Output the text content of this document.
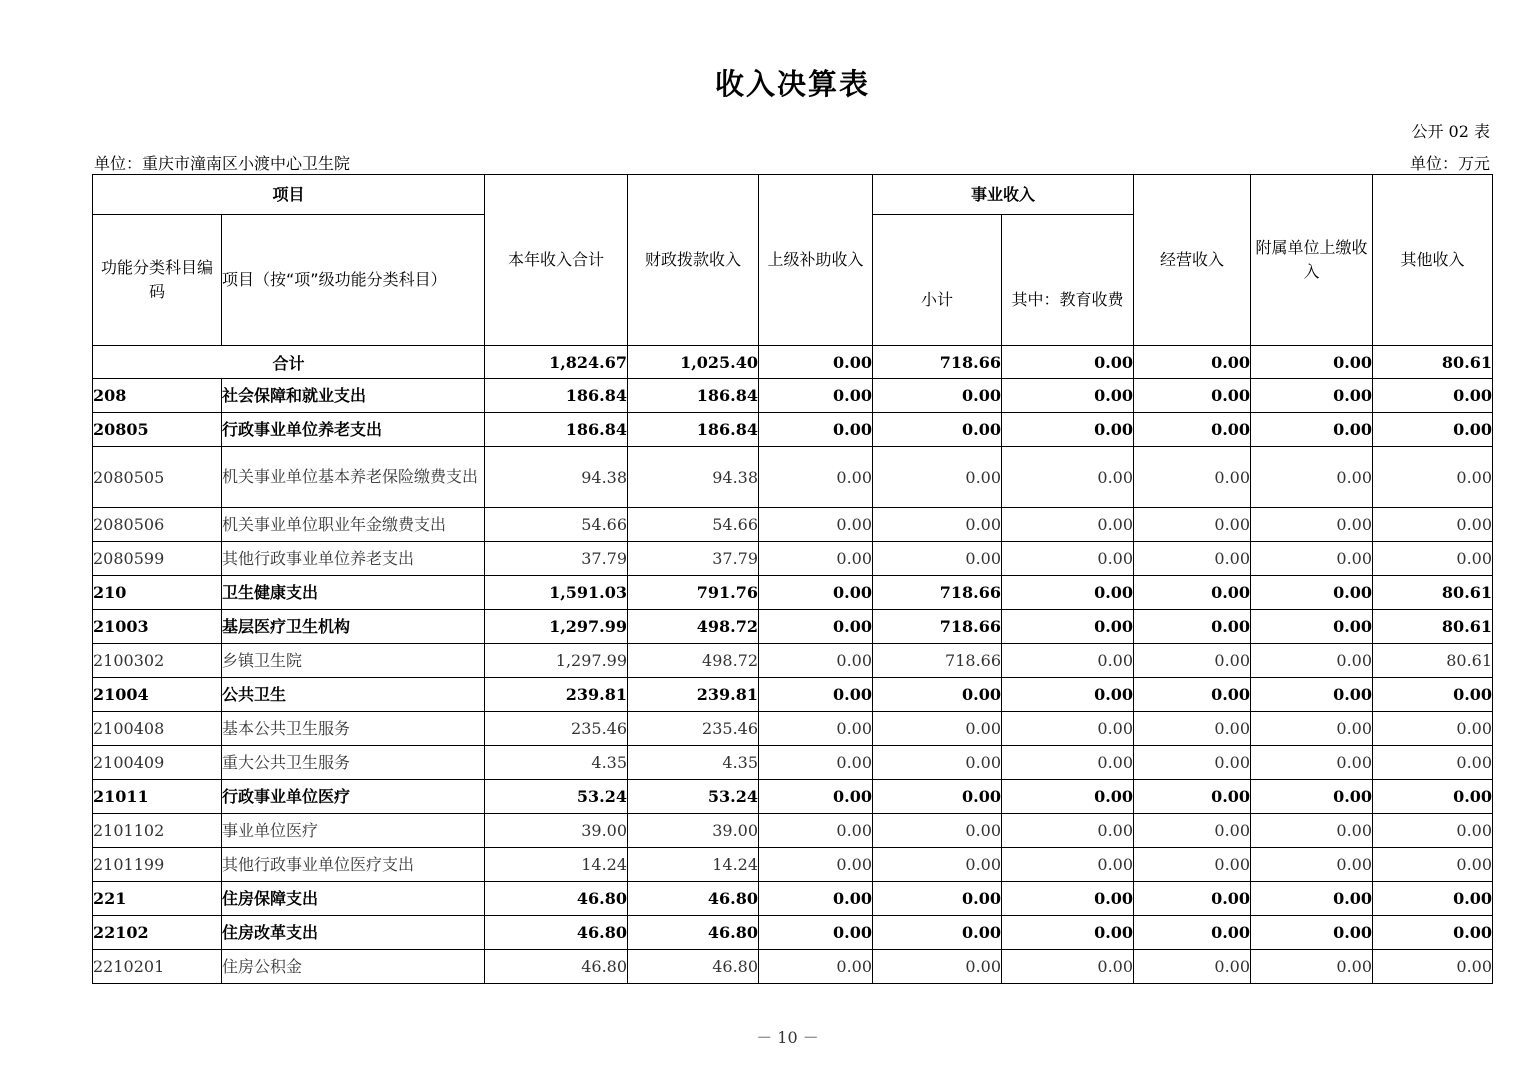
收入决算表
公开 02 表
单位：重庆市潼南区小渡中心卫生院	单位：万元
项目		本年收入合计	财政拨款收入	上级补助收入	事业收入		经营收入	附属单位上缴收入	其他收入
功能分类科目编码	项目（按“项”级功能分类科目）				小计	其中：教育收费			
合计		1,824.67	1,025.40	0.00	718.66	0.00	0.00	0.00	80.61
208	社会保障和就业支出	186.84	186.84	0.00	0.00	0.00	0.00	0.00	0.00
20805	行政事业单位养老支出	186.84	186.84	0.00	0.00	0.00	0.00	0.00	0.00
2080505	机关事业单位基本养老保险缴费支出	94.38	94.38	0.00	0.00	0.00	0.00	0.00	0.00
2080506	机关事业单位职业年金缴费支出	54.66	54.66	0.00	0.00	0.00	0.00	0.00	0.00
2080599	其他行政事业单位养老支出	37.79	37.79	0.00	0.00	0.00	0.00	0.00	0.00
210	卫生健康支出	1,591.03	791.76	0.00	718.66	0.00	0.00	0.00	80.61
21003	基层医疗卫生机构	1,297.99	498.72	0.00	718.66	0.00	0.00	0.00	80.61
2100302	乡镇卫生院	1,297.99	498.72	0.00	718.66	0.00	0.00	0.00	80.61
21004	公共卫生	239.81	239.81	0.00	0.00	0.00	0.00	0.00	0.00
2100408	基本公共卫生服务	235.46	235.46	0.00	0.00	0.00	0.00	0.00	0.00
2100409	重大公共卫生服务	4.35	4.35	0.00	0.00	0.00	0.00	0.00	0.00
21011	行政事业单位医疗	53.24	53.24	0.00	0.00	0.00	0.00	0.00	0.00
2101102	事业单位医疗	39.00	39.00	0.00	0.00	0.00	0.00	0.00	0.00
2101199	其他行政事业单位医疗支出	14.24	14.24	0.00	0.00	0.00	0.00	0.00	0.00
221	住房保障支出	46.80	46.80	0.00	0.00	0.00	0.00	0.00	0.00
22102	住房改革支出	46.80	46.80	0.00	0.00	0.00	0.00	0.00	0.00
2210201	住房公积金	46.80	46.80	0.00	0.00	0.00	0.00	0.00	0.00
－ 10 －
